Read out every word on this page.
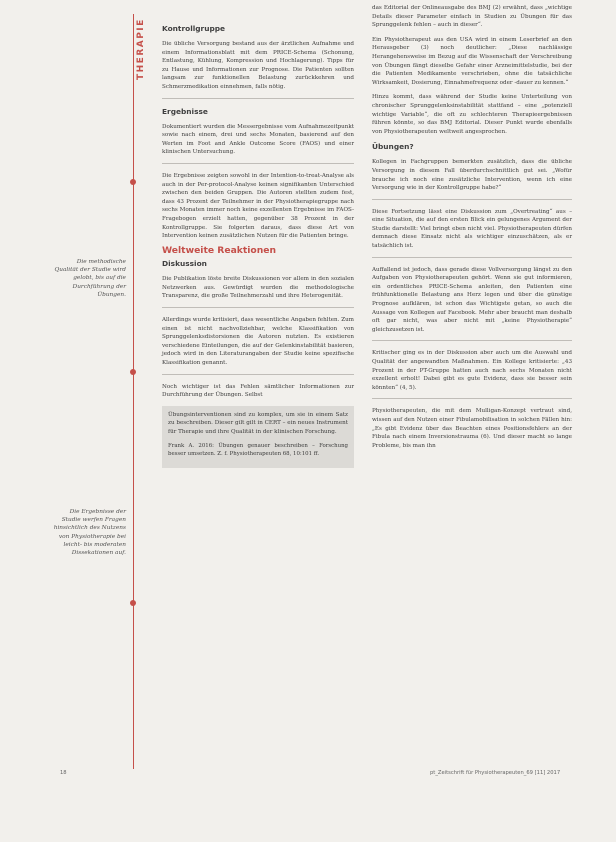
THERAPIE
Die methodische Qualität der Studie wird gelobt, bis auf die Durchführung der Übungen.
Die Ergebnisse der Studie werfen Fragen hinsichtlich des Nutzens von Physiotherapie bei leicht- bis moderaten Dissekationen auf.
Kontrollgruppe

Die übliche Versorgung bestand aus der ärztlichen Aufnahme und einem Informationsblatt mit dem PRICE-Schema (Schonung, Entlastung, Kühlung, Kompression und Hochlagerung). Tipps für zu Hause und Informationen zur Prognose. Die Patienten sollten langsam zur funktionellen Belastung zurückkehren und Schmerzmedikation einnehmen, falls nötig.

Ergebnisse

Dokumentiert wurden die Messergebnisse vom Aufnahmezeitpunkt sowie nach einem, drei und sechs Monaten, basierend auf den Werten im Foot and Ankle Outcome Score (FAOS) und einer klinischen Untersuchung.

Die Ergebnisse zeigten sowohl in der Intention-to-treat-Analyse als auch in der Per-protocol-Analyse keinen signifikanten Unterschied zwischen den beiden Gruppen. Die Autoren stellten zudem fest, dass 43 Prozent der Teilnehmer in der Physiotherapiegruppe nach sechs Monaten immer noch keine exzellenten Ergebnisse im FAOS-Fragebogen erzielt hatten, gegenüber 38 Prozent in der Kontrollgruppe. Sie folgerten daraus, dass diese Art von Intervention keinen zusätzlichen Nutzen für die Patienten bringe.

Weltweite Reaktionen
Diskussion

Die Publikation löste breite Diskussionen vor allem in den sozialen Netzwerken aus. Gewürdigt wurden die methodologische Transparenz, die große Teilnehmerzahl und ihre Heterogenität.

Allerdings wurde kritisiert, dass wesentliche Angaben fehlten. Zum einen ist nicht nachvollziehbar, welche Klassifikation von Sprunggelenksdistorsionen die Autoren nutzten. Es existieren verschiedene Einteilungen, die auf der Gelenkinstabilität basieren, jedoch wird in den Literaturangaben der Studie keine spezifische Klassifikation genannt.

Noch wichtiger ist das Fehlen sämtlicher Informationen zur Durchführung der Übungen. Selbst

Übungsinterventionen sind zu komplex, um sie in einem Satz zu beschreiben. Dieser gilt gilt in CERT – ein neues Instrument für Therapie und ihre Qualität in der klinischen Forschung.

Frank A. 2016: Übungen genauer beschreiben – Forschung besser umsetzen. Z. f. Physiotherapeuten 68, 10:101 ff.

das Editorial der Onlineausgabe des BMJ (2) erwähnt, dass „wichtige Details dieser Parameter einfach in Studien zu Übungen für das Sprunggelenk fehlen – auch in dieser“.

Ein Physiotherapeut aus den USA wird in einem Leserbrief an den Herausgeber (3) noch deutlicher: „Diese nachlässige Herangehensweise im Bezug auf die Wissenschaft der Verschreibung von Übungen fängt dieselbe Gefahr einer Arzneimittelstudie, bei der die Patienten Medikamente verschrieben, ohne die tatsächliche Wirksamkeit, Dosierung, Einnahmefrequenz oder -dauer zu kennen.“

Hinzu kommt, dass während der Studie keine Unterteilung von chronischer Sprunggelenksinstabilität stattfand – eine „potenziell wichtige Variable“, die oft zu schlechteren Therapieergebnissen führen könnte, so das BMJ Editorial. Dieser Punkt wurde ebenfalls von Physiotherapeuten weltweit angesprochen.

Übungen?

Kollegen in Fachgruppen bemerkten zusätzlich, dass die übliche Versorgung in diesem Fall überdurchschnittlich gut sei. „Wofür brauche ich noch eine zusätzliche Intervention, wenn ich eine Versorgung wie in der Kontrollgruppe habe?“

Diese Fortsetzung lässt eine Diskussion zum „Overtreating“ aus – eine Situation, die auf den ersten Blick ein gelungenes Argument der Studie darstellt: Viel bringt eben nicht viel. Physiotherapeuten dürfen demnach diese Einsatz nicht als wichtiger einzuschätzen, als er tatsächlich ist.

Auffallend ist jedoch, dass gerade diese Vollversorgung längst zu den Aufgaben von Physiotherapeuten gehört. Wenn sie gut informieren, ein ordentliches PRICE-Schema anleiten, den Patienten eine frühfunktionelle Belastung ans Herz legen und über die günstige Prognose aufklären, ist schon das Wichtigste getan, so auch die Aussage von Kollegen auf Facebook. Mehr aber braucht man deshalb oft gar nicht, was aber nicht mit „keine Physiotherapie“ gleichzusetzen ist.

Kritischer ging es in der Diskussion aber auch um die Auswahl und Qualität der angewandten Maßnahmen. Ein Kollege kritisierte: „43 Prozent in der PT-Gruppe hatten auch nach sechs Monaten nicht exzellent erholt! Dabei gibt es gute Evidenz, dass sie besser sein könnten“ (4, 5).

Physiotherapeuten, die mit dem Mulligan-Konzept vertraut sind, wissen auf den Nutzen einer Fibulamobilisation in solchen Fällen hin: „Es gibt Evidenz über das Beachten eines Positionsfehlers an der Fibula nach einem Inversionstrauma (6). Und dieser macht so lange Probleme, bis man ihn

18	pt_Zeitschrift für Physiotherapeuten_69 [11] 2017
